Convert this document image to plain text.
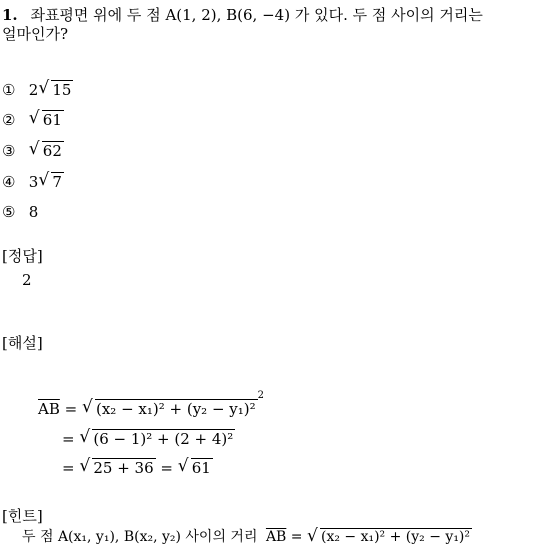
1. 좌표평면 위에 두 점 A(1, 2), B(6, −4) 가 있다. 두 점 사이의 거리는
얼마인가?
① 2 √ 15
② √ 61
③ √ 62
④ 3 √ 7
⑤ 8
[정답]
2
[해설]
$\overline{AB}$ = √ (x₂ − x₁)² + (y₂ − y₁)²$^2$
= √ (6 − 1)² + (2 + 4)²
= √ 25 + 36 = √ 61
[힌트]
두 점 A(x₁, y₁), B(x₂, y₂) 사이의 거리 $\overline{AB}$ = √ (x₂ − x₁)² + (y₂ − y₁)²
